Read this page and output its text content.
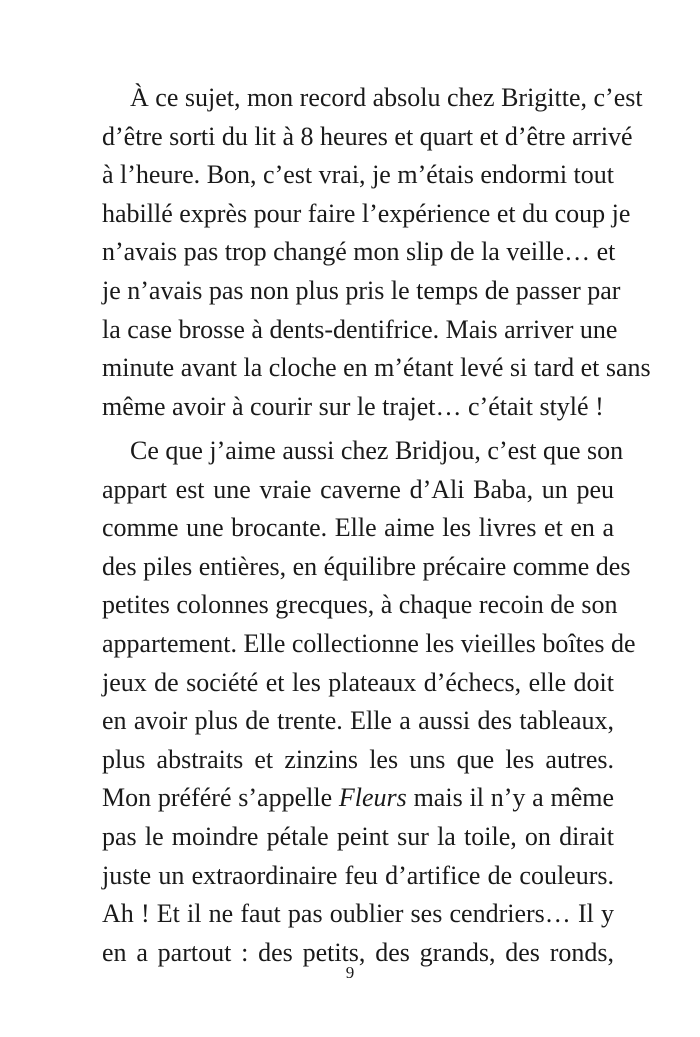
À ce sujet, mon record absolu chez Brigitte, c’est
d’être sorti du lit à 8 heures et quart et d’être arrivé
à l’heure. Bon, c’est vrai, je m’étais endormi tout
habillé exprès pour faire l’expérience et du coup je
n’avais pas trop changé mon slip de la veille… et
je n’avais pas non plus pris le temps de passer par
la case brosse à dents-dentifrice. Mais arriver une
minute avant la cloche en m’étant levé si tard et sans
même avoir à courir sur le trajet… c’était stylé !
Ce que j’aime aussi chez Bridjou, c’est que son
appart est une vraie caverne d’Ali Baba, un peu
comme une brocante. Elle aime les livres et en a
des piles entières, en équilibre précaire comme des
petites colonnes grecques, à chaque recoin de son
appartement. Elle collectionne les vieilles boîtes de
jeux de société et les plateaux d’échecs, elle doit
en avoir plus de trente. Elle a aussi des tableaux,
plus abstraits et zinzins les uns que les autres.
Mon préféré s’appelle Fleurs mais il n’y a même
pas le moindre pétale peint sur la toile, on dirait
juste un extraordinaire feu d’artifice de couleurs.
Ah ! Et il ne faut pas oublier ses cendriers… Il y
en a partout : des petits, des grands, des ronds,
9
